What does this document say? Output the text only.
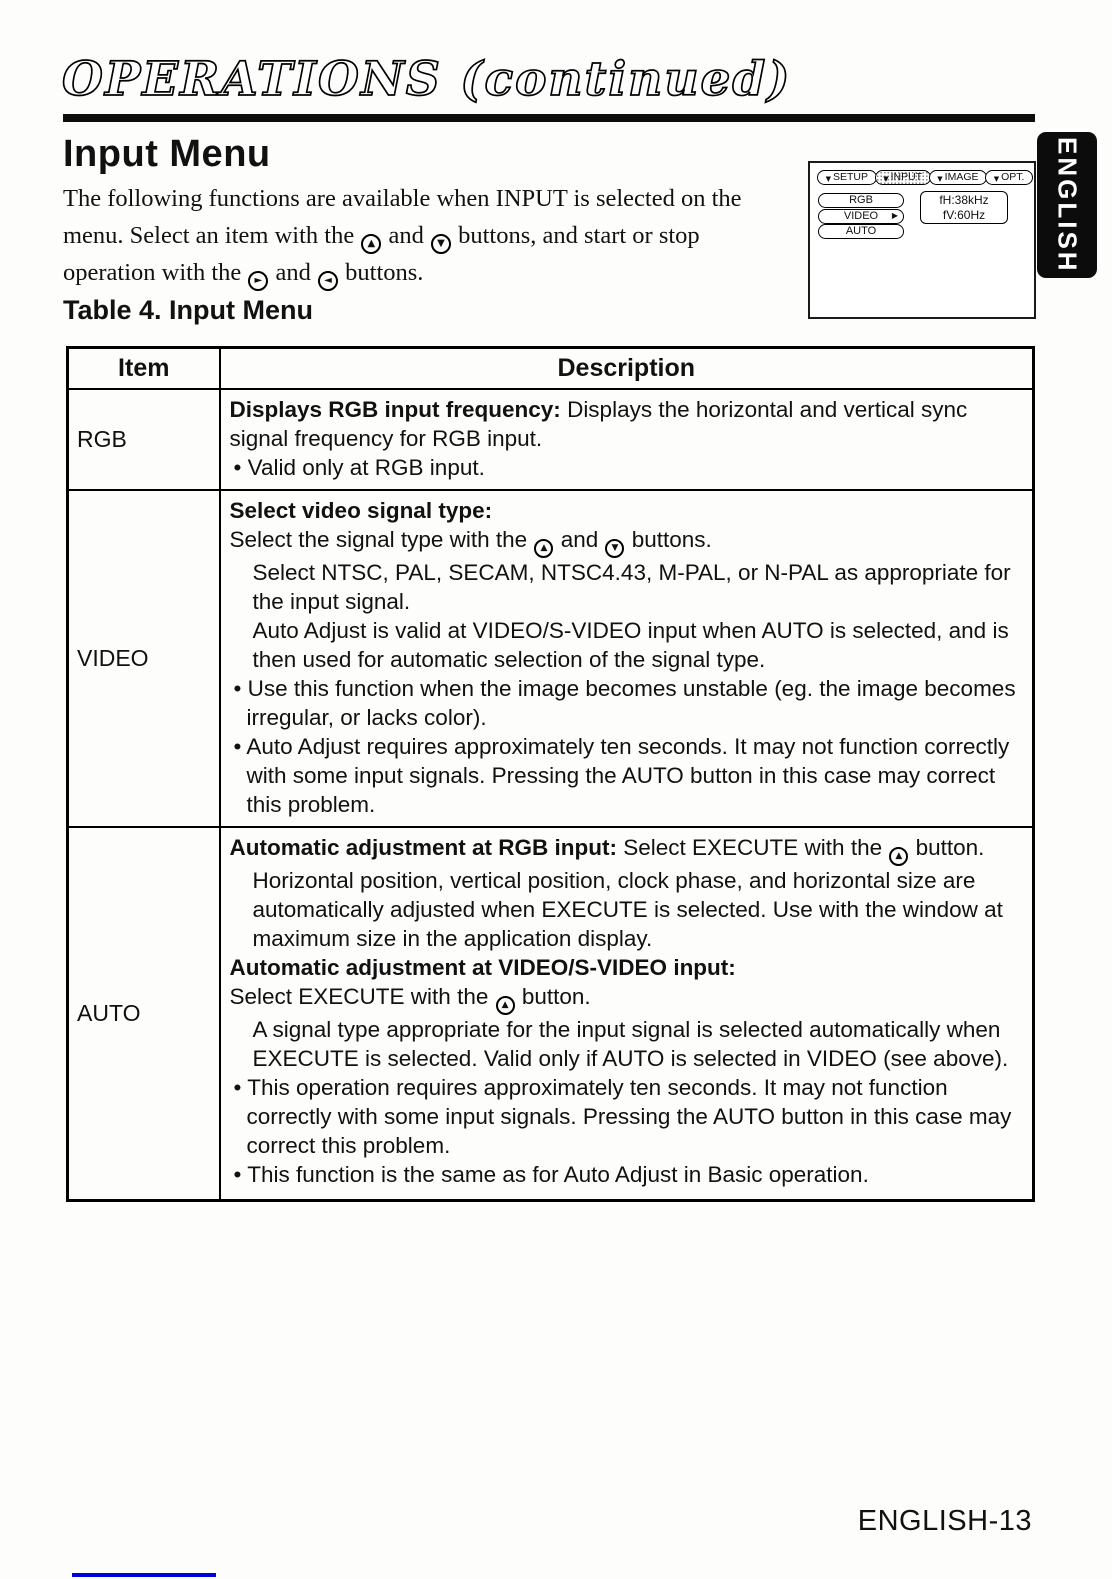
OPERATIONS (continued)
ENGLISH
Input Menu

The following functions are available when INPUT is selected on the menu. Select an item with the ▲ and ▼ buttons, and start or stop operation with the ► and ◄ buttons.

▼ SETUP ▼ INPUT ▼ IMAGE ▼ OPT.
RGB
VIDEO ▶
AUTO
fH:38kHz
fV:60Hz
Table 4. Input Menu
Item	Description
RGB	Displays RGB input frequency: Displays the horizontal and vertical sync signal frequency for RGB input.
• Valid only at RGB input.

VIDEO	
Select video signal type:
Select the signal type with the ▲ and ▼ buttons.
Select NTSC, PAL, SECAM, NTSC4.43, M-PAL, or N-PAL as appropriate for the input signal.
Auto Adjust is valid at VIDEO/S-VIDEO input when AUTO is selected, and is then used for automatic selection of the signal type.
• Use this function when the image becomes unstable (eg. the image becomes irregular, or lacks color).
• Auto Adjust requires approximately ten seconds. It may not function correctly with some input signals. Pressing the AUTO button in this case may correct this problem.

AUTO	
Automatic adjustment at RGB input: Select EXECUTE with the ▲ button.
Horizontal position, vertical position, clock phase, and horizontal size are automatically adjusted when EXECUTE is selected. Use with the window at maximum size in the application display.
Automatic adjustment at VIDEO/S-VIDEO input:
Select EXECUTE with the ▲ button.
A signal type appropriate for the input signal is selected automatically when EXECUTE is selected. Valid only if AUTO is selected in VIDEO (see above).
• This operation requires approximately ten seconds. It may not function correctly with some input signals. Pressing the AUTO button in this case may correct this problem.
• This function is the same as for Auto Adjust in Basic operation.
ENGLISH-13
